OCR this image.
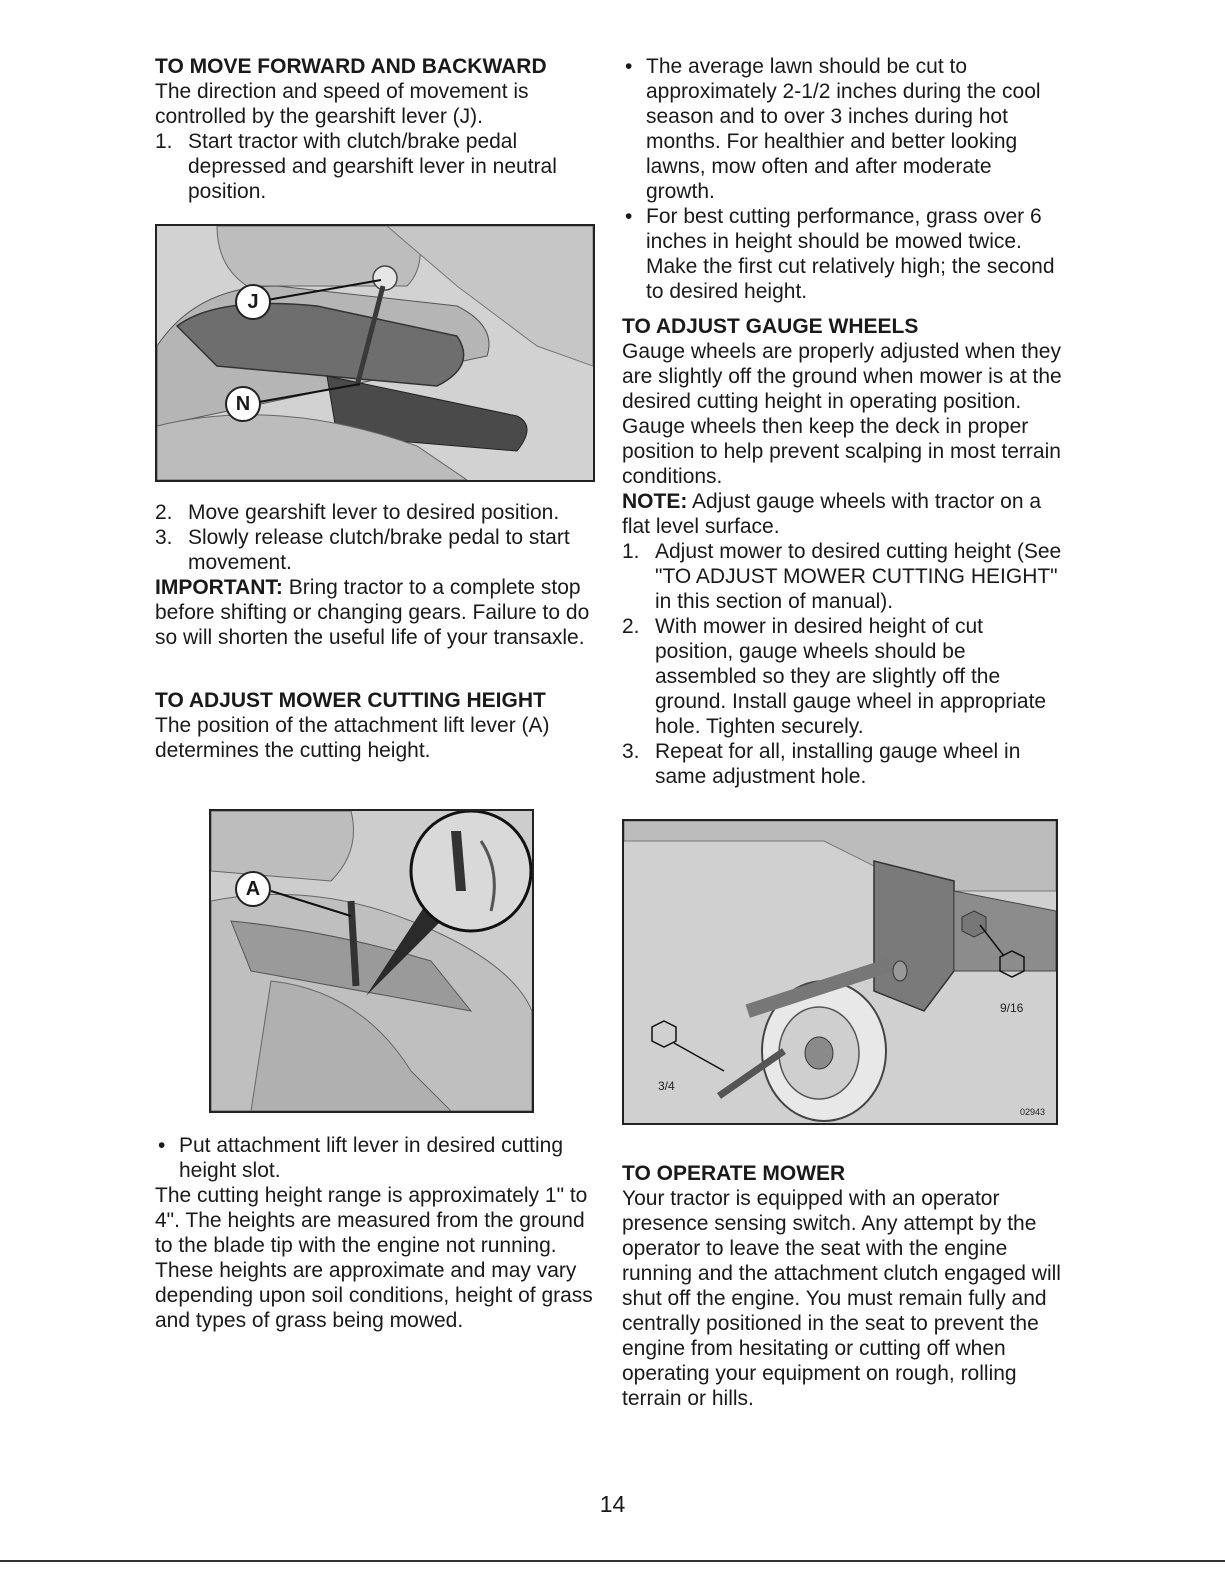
TO MOVE FORWARD AND BACKWARD

The direction and speed of movement is controlled by the gearshift lever (J).

1. Start tractor with clutch/brake pedal depressed and gearshift lever in neutral position.
J
N
2. Move gearshift lever to desired position.
3. Slowly release clutch/brake pedal to start movement.

IMPORTANT: Bring tractor to a complete stop before shifting or changing gears. Failure to do so will shorten the useful life of your transaxle.

TO ADJUST MOWER CUTTING HEIGHT

The position of the attachment lift lever (A) determines the cutting height.

A
• Put attachment lift lever in desired cutting height slot.

The cutting height range is approximately 1" to 4". The heights are measured from the ground to the blade tip with the engine not running. These heights are approximate and may vary depending upon soil conditions, height of grass and types of grass being mowed.

• The average lawn should be cut to approximately 2-1/2 inches during the cool season and to over 3 inches during hot months. For healthier and better looking lawns, mow often and after moderate growth.
• For best cutting performance, grass over 6 inches in height should be mowed twice. Make the first cut relatively high; the second to desired height.
TO ADJUST GAUGE WHEELS

Gauge wheels are properly adjusted when they are slightly off the ground when mower is at the desired cutting height in operating position. Gauge wheels then keep the deck in proper position to help prevent scalping in most terrain conditions.

NOTE: Adjust gauge wheels with tractor on a flat level surface.

1. Adjust mower to desired cutting height (See "TO ADJUST MOWER CUTTING HEIGHT" in this section of manual).
2. With mower in desired height of cut position, gauge wheels should be assembled so they are slightly off the ground. Install gauge wheel in appropriate hole. Tighten securely.
3. Repeat for all, installing gauge wheel in same adjustment hole.
9/16
3/4
02943
TO OPERATE MOWER

Your tractor is equipped with an operator presence sensing switch. Any attempt by the operator to leave the seat with the engine running and the attachment clutch engaged will shut off the engine. You must remain fully and centrally positioned in the seat to prevent the engine from hesitating or cutting off when operating your equipment on rough, rolling terrain or hills.

14
